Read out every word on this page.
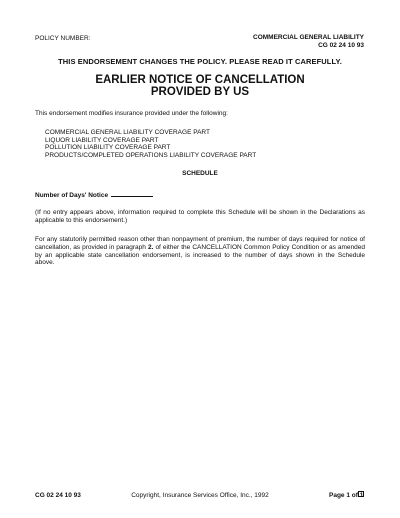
POLICY NUMBER:	COMMERCIAL GENERAL LIABILITY
CG 02 24 10 93
THIS ENDORSEMENT CHANGES THE POLICY. PLEASE READ IT CAREFULLY.
EARLIER NOTICE OF CANCELLATION
PROVIDED BY US
This endorsement modifies insurance provided under the following:
COMMERCIAL GENERAL LIABILITY COVERAGE PART
LIQUOR LIABILITY COVERAGE PART
POLLUTION LIABILITY COVERAGE PART
PRODUCTS/COMPLETED OPERATIONS LIABILITY COVERAGE PART
SCHEDULE
Number of Days' Notice
(If no entry appears above, information required to complete this Schedule will be shown in the Declarations as applicable to this endorsement.)
For any statutorily permitted reason other than nonpayment of premium, the number of days required for notice of cancellation, as provided in paragraph 2. of either the CANCELLATION Common Policy Condition or as amended by an applicable state cancellation endorsement, is increased to the number of days shown in the Schedule above.
CG 02 24 10 93	Copyright, Insurance Services Office, Inc., 1992	Page 1 of 1
